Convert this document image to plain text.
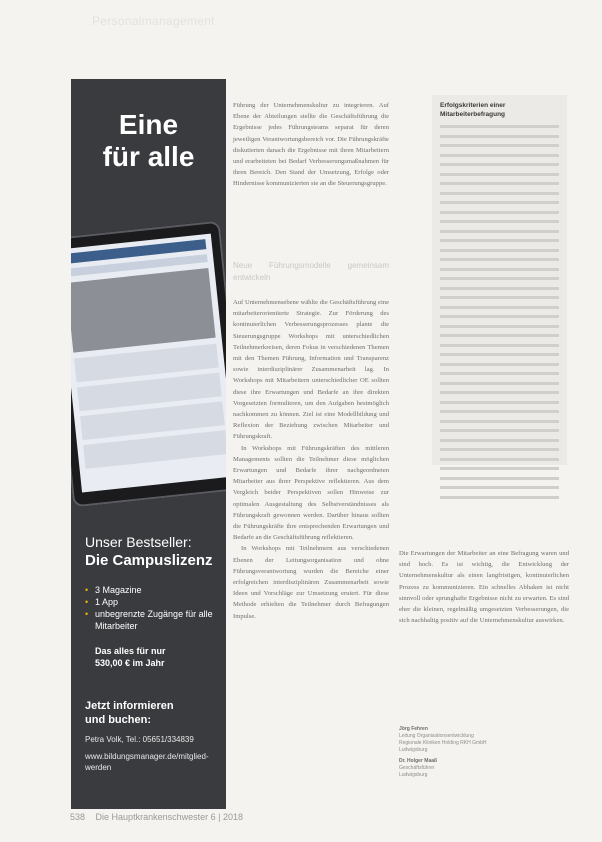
Personalmanagement
Eine
für alle
Unser Bestseller:
Die Campuslizenz
• 3 Magazine
• 1 App
• unbegrenzte Zugänge für alle Mitarbeiter
Das alles für nur
530,00 € im Jahr
Jetzt informieren
und buchen:
Petra Volk, Tel.: 05651/334839
www.bildungsmanager.de/mitglied-werden

Führung der Unternehmenskultur zu integrieren. Auf Ebene der Abteilungen stellte die Geschäftsführung die Ergebnisse jedes Führungsteams separat für deren jeweiligen Verantwortungsbereich vor. Die Führungskräfte diskutierten danach die Ergebnisse mit ihren Mitarbeitern und erarbeiteten bei Bedarf Verbesserungsmaßnahmen für ihren Bereich. Den Stand der Umsetzung, Erfolge oder Hindernisse kommunizierten sie an die Steuerungsgruppe.

Neue Führungsmodelle gemeinsam entwickeln

Auf Unternehmensebene wählte die Geschäftsführung eine mitarbeiterorientierte Strategie. Zur Förderung des kontinuierlichen Verbesserungsprozesses plante die Steuerungsgruppe Workshops mit unterschiedlichen Teilnehmerkreisen, deren Fokus in verschiedenen Themen mit den Themen Führung, Information und Transparenz sowie interdisziplinärer Zusammenarbeit lag. In Workshops mit Mitarbeitern unterschiedlicher OE sollten diese ihre Erwartungen und Bedarfe an ihre direkten Vorgesetzten formulieren, um den Aufgaben bestmöglich nachkommen zu können. Ziel ist eine Modellbildung und Reflexion der Beziehung zwischen Mitarbeiter und Führungskraft.

In Workshops mit Führungskräften des mittleren Managements sollten die Teilnehmer diese möglichen Erwartungen und Bedarfe ihrer nachgeordneten Mitarbeiter aus ihrer Perspektive reflektieren. Aus dem Vergleich beider Perspektiven sollen Hinweise zur optimalen Ausgestaltung des Selbstverständnisses als Führungskraft gewonnen werden. Darüber hinaus sollten die Führungskräfte ihre entsprechenden Erwartungen und Bedarfe an die Geschäftsführung reflektieren.

In Workshops mit Teilnehmern aus verschiedenen Ebenen der Leitungsorganisation und ohne Führungsverantwortung wurden die Bereiche einer erfolgreichen interdisziplinären Zusammenarbeit sowie Ideen und Vorschläge zur Umsetzung eruiert. Für diese Methode erhielten die Teilnehmer durch Befragungen Impulse.

Erfolgskriterien einer Mitarbeiterbefragung

Die Erwartungen der Mitarbeiter an eine Befragung waren und sind hoch. Es ist wichtig, die Entwicklung der Unternehmenskultur als einen langfristigen, kontinuierlichen Prozess zu kommunizieren. Ein schnelles Abhaken ist nicht sinnvoll oder sprunghafte Ergebnisse nicht zu erwarten. Es sind eher die kleinen, regelmäßig umgesetzten Verbesserungen, die sich nachhaltig positiv auf die Unternehmenskultur auswirken.

Jörg Fehren
Leitung Organisationsentwicklung
Regionale Kliniken Holding RKH GmbH
Ludwigsburg
Dr. Holger Maaß
Geschäftsführer
Ludwigsburg
538 Die Hauptkrankenschwester 6 | 2018
